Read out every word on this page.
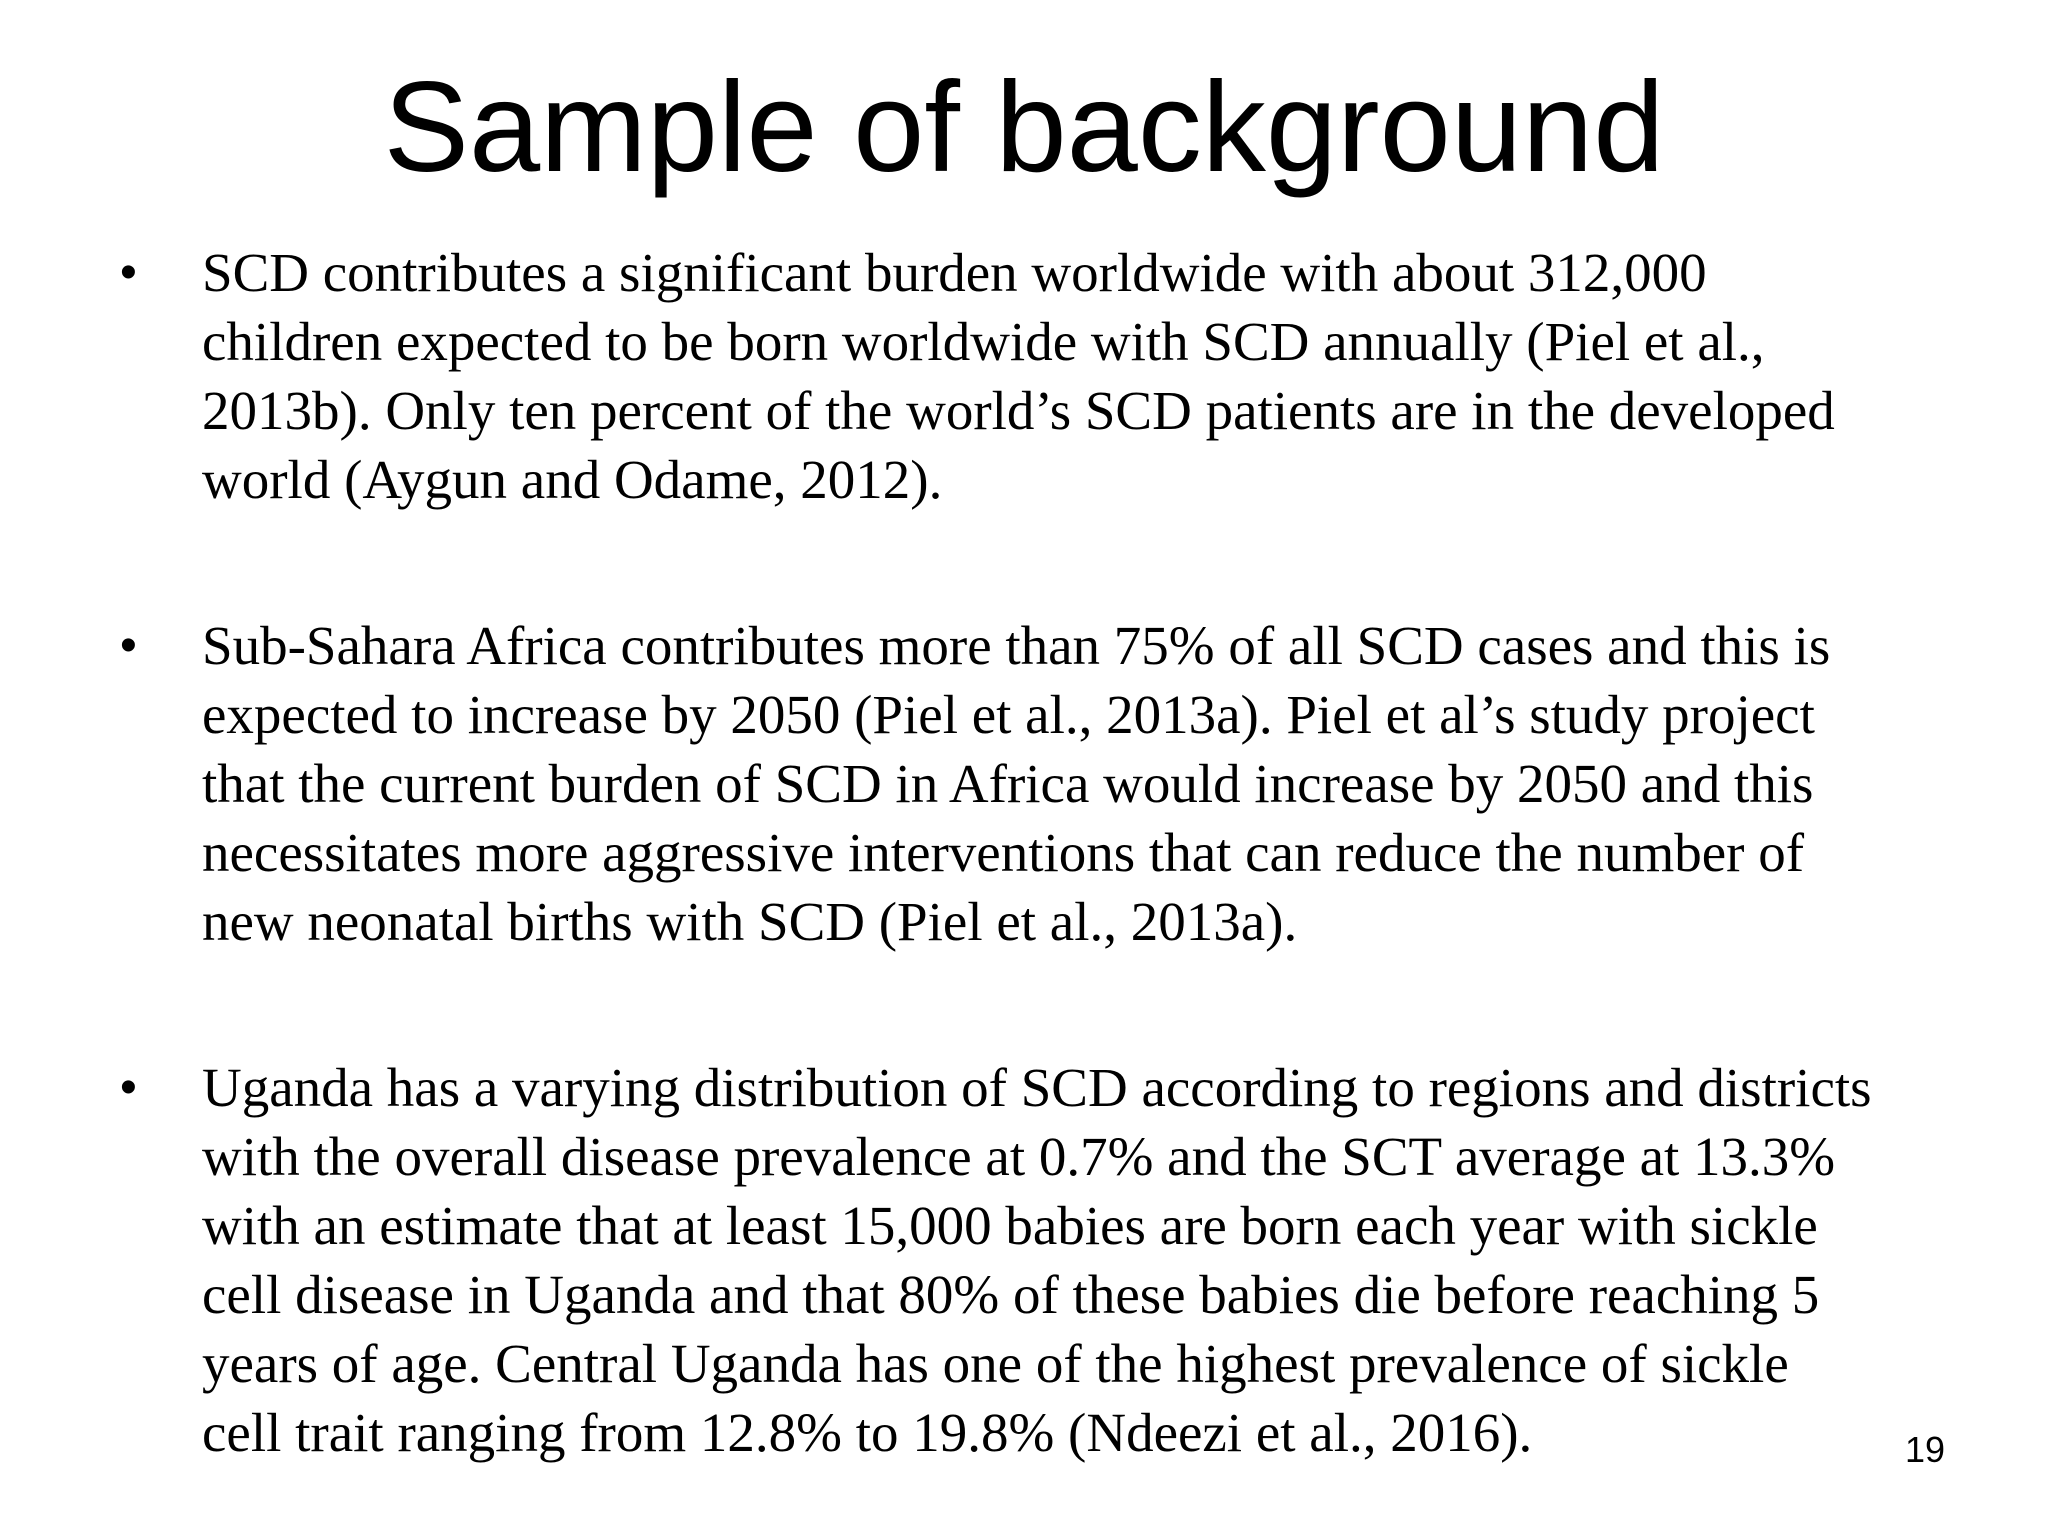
Sample of background
• SCD contributes a significant burden worldwide with about 312,000
children expected to be born worldwide with SCD annually (Piel et al.,
2013b). Only ten percent of the world’s SCD patients are in the developed
world (Aygun and Odame, 2012).
• Sub-Sahara Africa contributes more than 75% of all SCD cases and this is
expected to increase by 2050 (Piel et al., 2013a). Piel et al’s study project
that the current burden of SCD in Africa would increase by 2050 and this
necessitates more aggressive interventions that can reduce the number of
new neonatal births with SCD (Piel et al., 2013a).
• Uganda has a varying distribution of SCD according to regions and districts
with the overall disease prevalence at 0.7% and the SCT average at 13.3%
with an estimate that at least 15,000 babies are born each year with sickle
cell disease in Uganda and that 80% of these babies die before reaching 5
years of age. Central Uganda has one of the highest prevalence of sickle
cell trait ranging from 12.8% to 19.8% (Ndeezi et al., 2016).	19
